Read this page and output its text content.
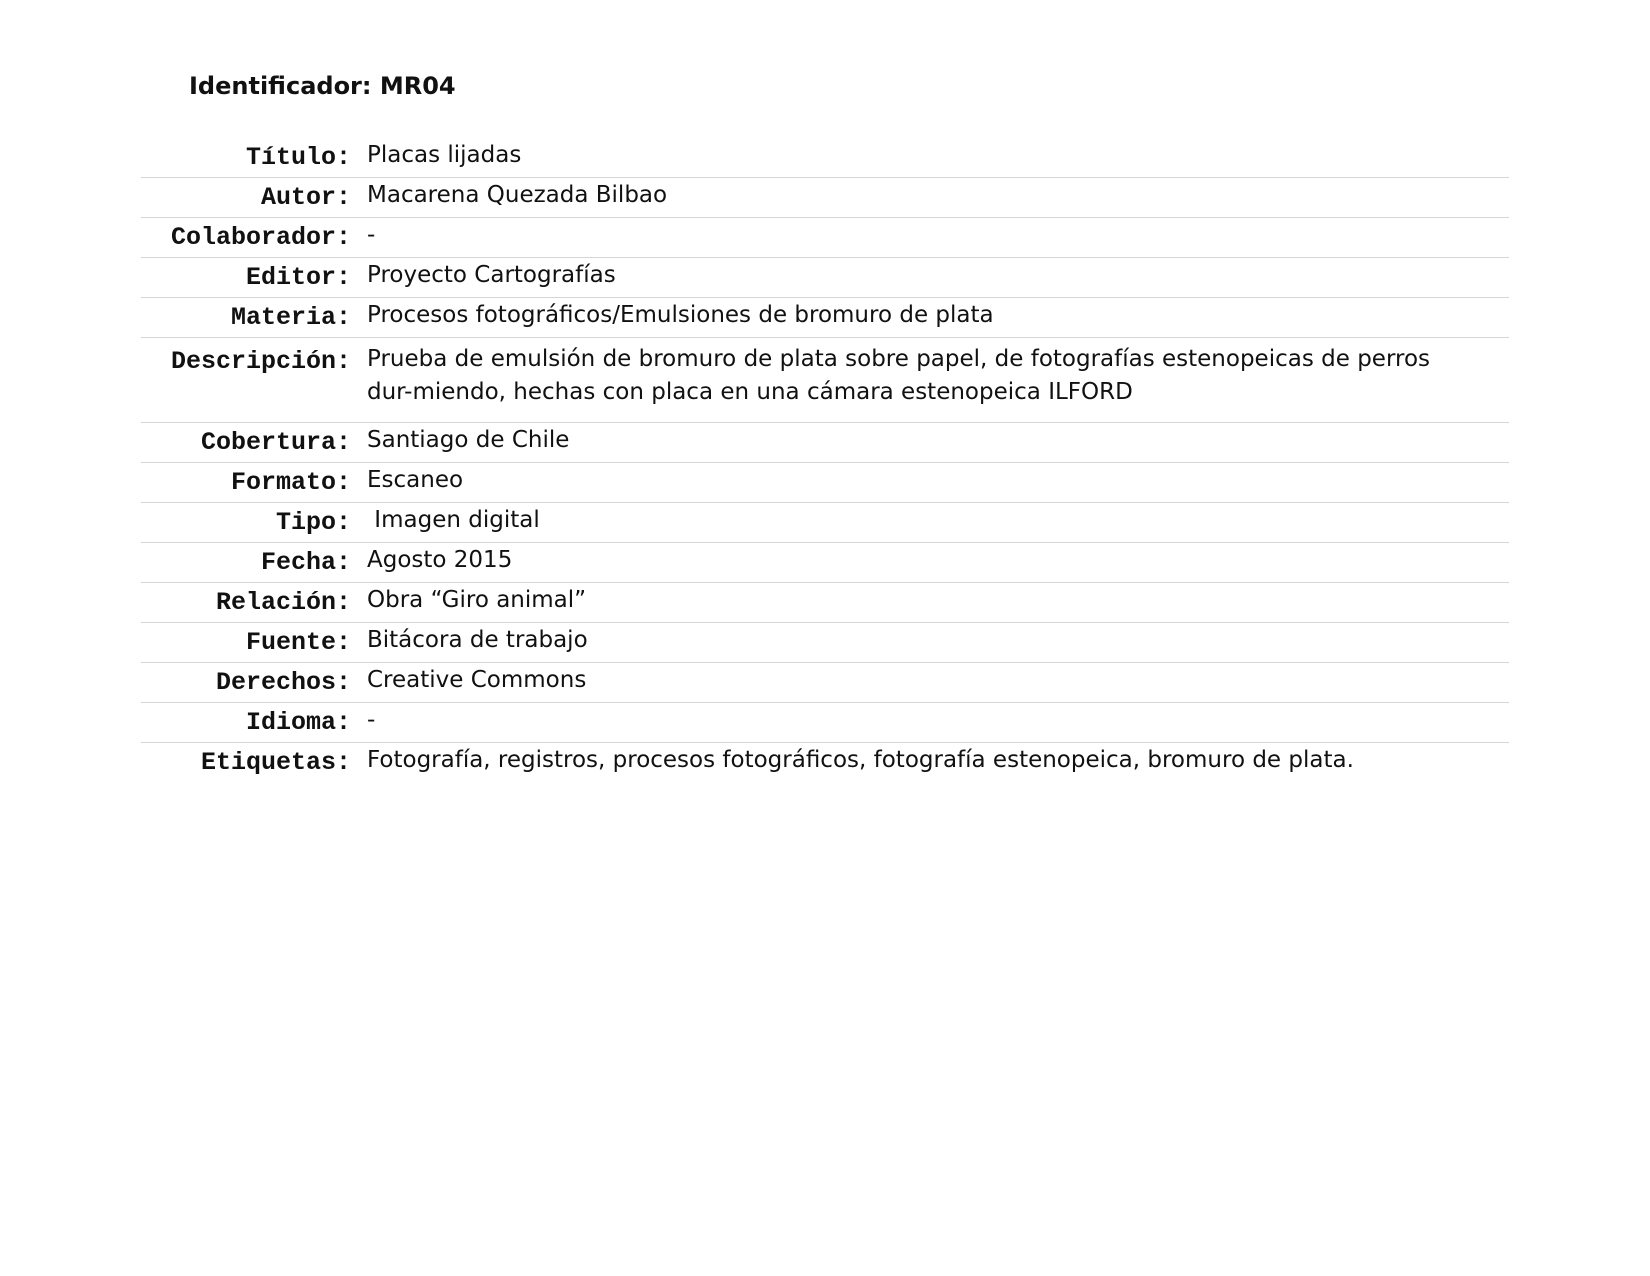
Identificador: MR04
Título: Placas lijadas
Autor: Macarena Quezada Bilbao
Colaborador: -
Editor: Proyecto Cartografías
Materia: Procesos fotográficos/Emulsiones de bromuro de plata
Descripción: Prueba de emulsión de bromuro de plata sobre papel, de fotografías estenopeicas de perros dur-miendo, hechas con placa en una cámara estenopeica ILFORD
Cobertura: Santiago de Chile
Formato: Escaneo
Tipo: Imagen digital
Fecha: Agosto 2015
Relación: Obra “Giro animal”
Fuente: Bitácora de trabajo
Derechos: Creative Commons
Idioma: -
Etiquetas: Fotografía, registros, procesos fotográficos, fotografía estenopeica, bromuro de plata.
